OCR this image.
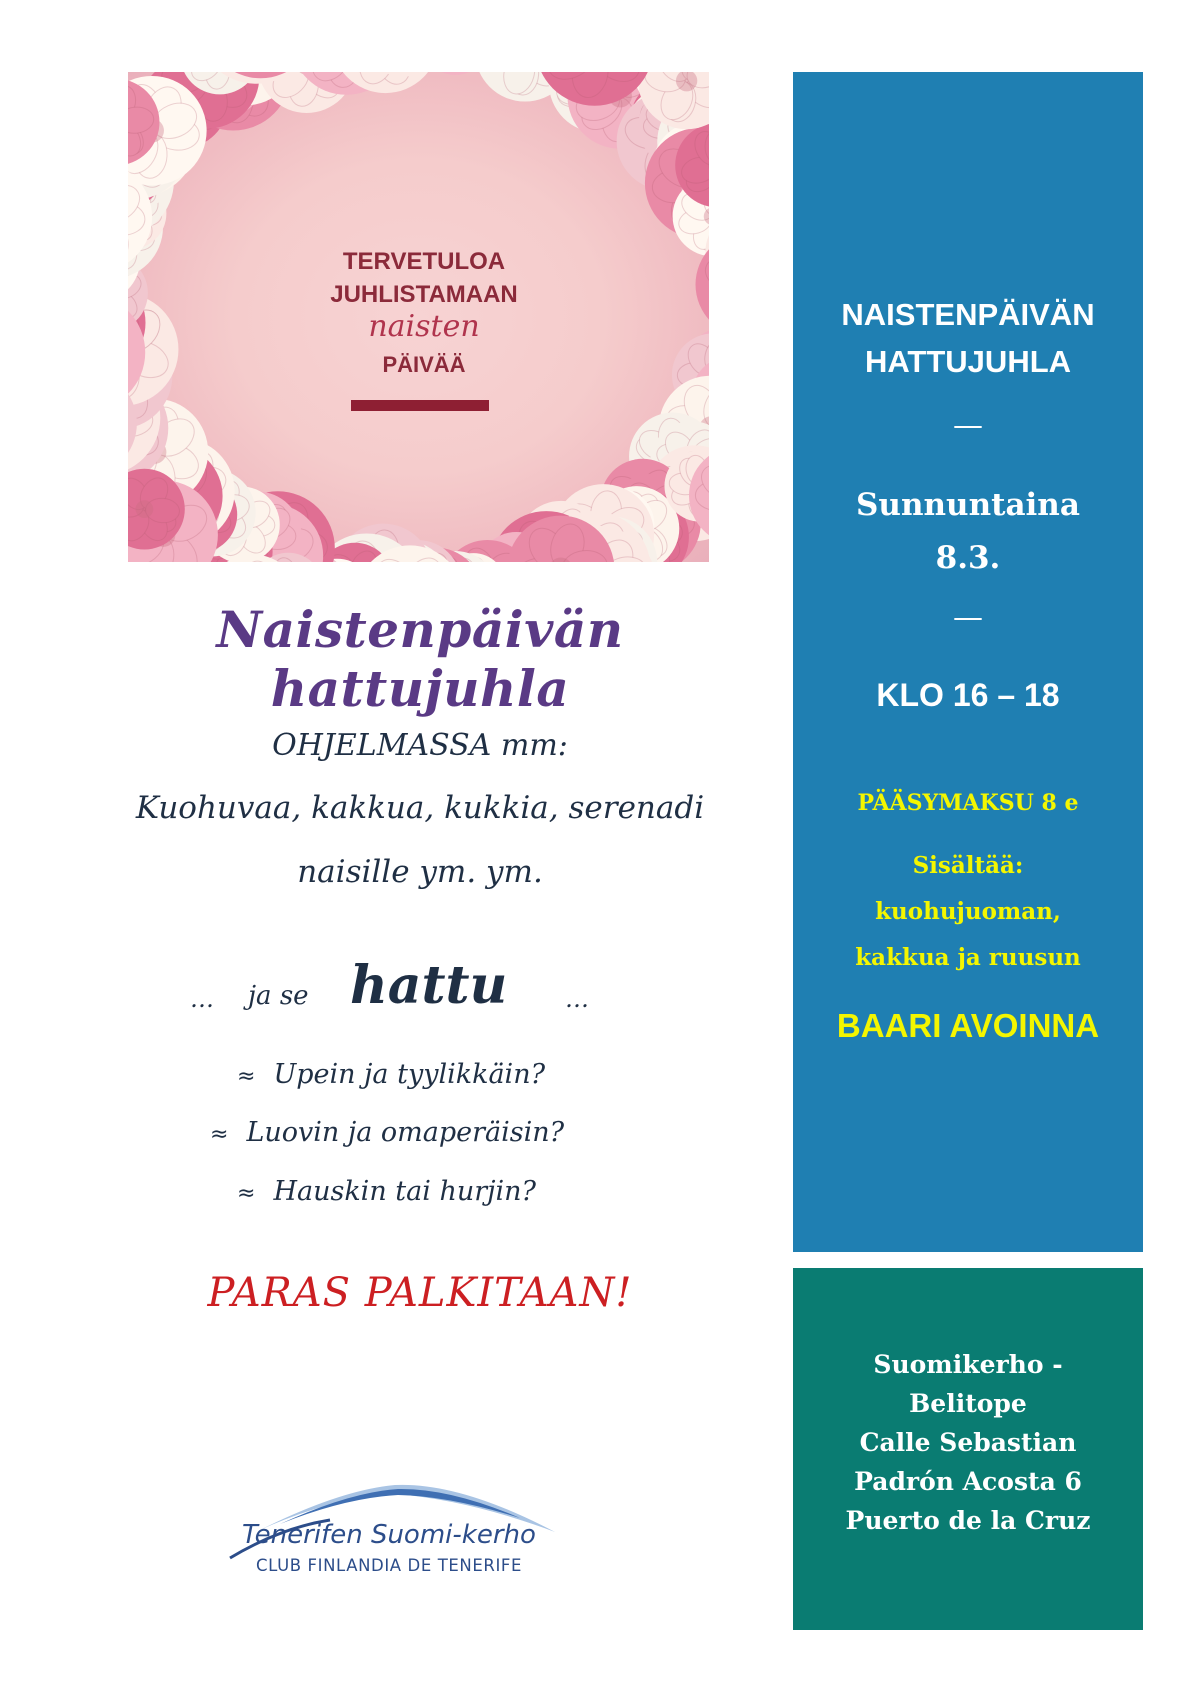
TERVETULOA
JUHLISTAMAAN
naisten
PÄIVÄÄ
Naistenpäivän hattujuhla
OHJELMASSA mm:
Kuohuvaa, kakkua, kukkia, serenadi
naisille ym. ym.
… ja se hattu …
≈ Upein ja tyylikkäin?
≈ Luovin ja omaperäisin?
≈ Hauskin tai hurjin?
PARAS PALKITAAN!
Tenerifen Suomi-kerho
CLUB FINLANDIA DE TENERIFE
NAISTENPÄIVÄN
HATTUJUHLA
—
Sunnuntaina
8.3.
—
KLO 16 – 18
PÄÄSYMAKSU 8 e
Sisältää:
kuohujuoman,
kakkua ja ruusun
BAARI AVOINNA
Suomikerho -
Belitope
Calle Sebastian
Padrón Acosta 6
Puerto de la Cruz
